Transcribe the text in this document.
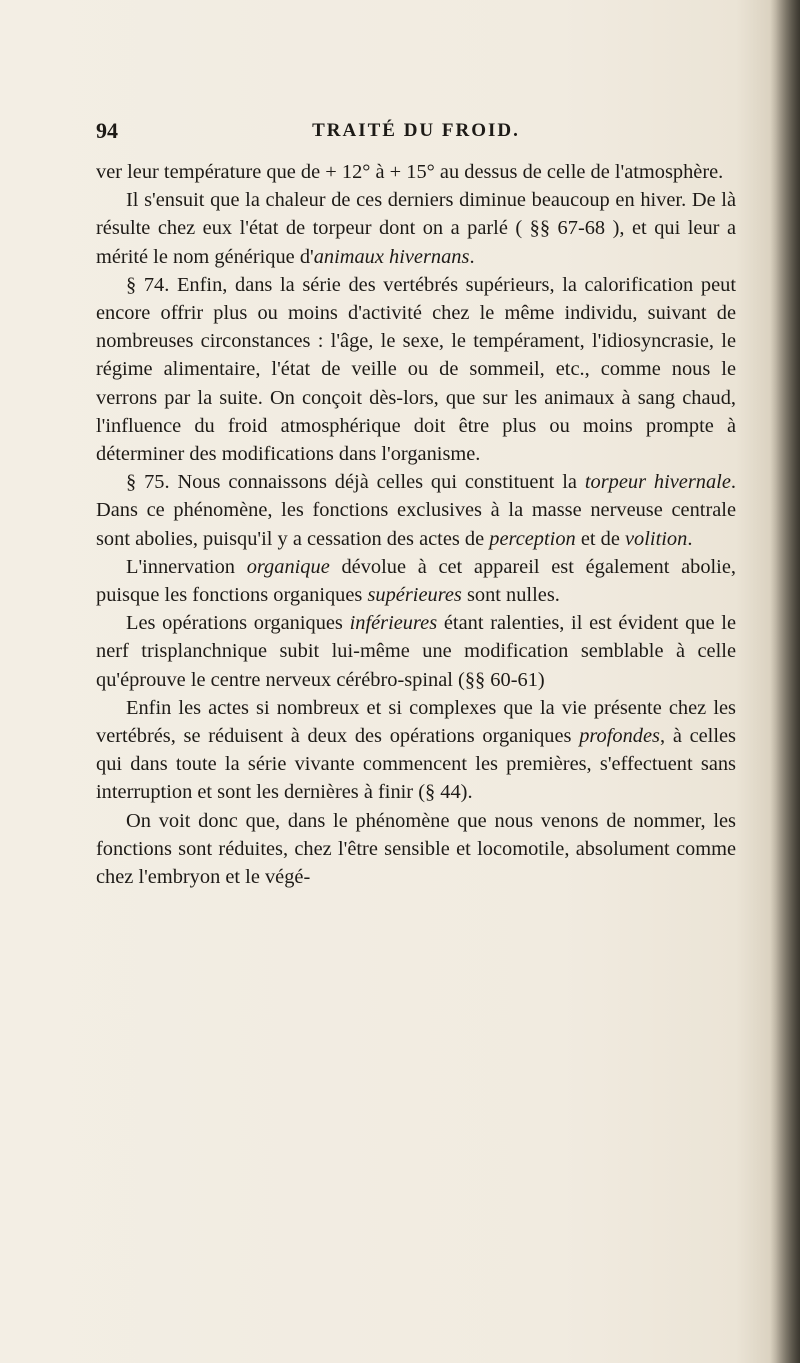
94	TRAITÉ DU FROID.

ver leur température que de + 12° à + 15° au dessus de celle de l'atmosphère.

Il s'ensuit que la chaleur de ces derniers diminue beaucoup en hiver. De là résulte chez eux l'état de torpeur dont on a parlé ( §§ 67-68 ), et qui leur a mérité le nom générique d'animaux hivernans.

§ 74. Enfin, dans la série des vertébrés supérieurs, la calorification peut encore offrir plus ou moins d'activité chez le même individu, suivant de nombreuses circonstances : l'âge, le sexe, le tempérament, l'idiosyncrasie, le régime alimentaire, l'état de veille ou de sommeil, etc., comme nous le verrons par la suite. On conçoit dès-lors, que sur les animaux à sang chaud, l'influence du froid atmosphérique doit être plus ou moins prompte à déterminer des modifications dans l'organisme.

§ 75. Nous connaissons déjà celles qui constituent la torpeur hivernale. Dans ce phénomène, les fonctions exclusives à la masse nerveuse centrale sont abolies, puisqu'il y a cessation des actes de perception et de volition.

L'innervation organique dévolue à cet appareil est également abolie, puisque les fonctions organiques supérieures sont nulles.

Les opérations organiques inférieures étant ralenties, il est évident que le nerf trisplanchnique subit lui-même une modification semblable à celle qu'éprouve le centre nerveux cérébro-spinal (§§ 60-61)

Enfin les actes si nombreux et si complexes que la vie présente chez les vertébrés, se réduisent à deux des opérations organiques profondes, à celles qui dans toute la série vivante commencent les premières, s'effectuent sans interruption et sont les dernières à finir (§ 44).

On voit donc que, dans le phénomène que nous venons de nommer, les fonctions sont réduites, chez l'être sensible et locomotile, absolument comme chez l'embryon et le végé-
